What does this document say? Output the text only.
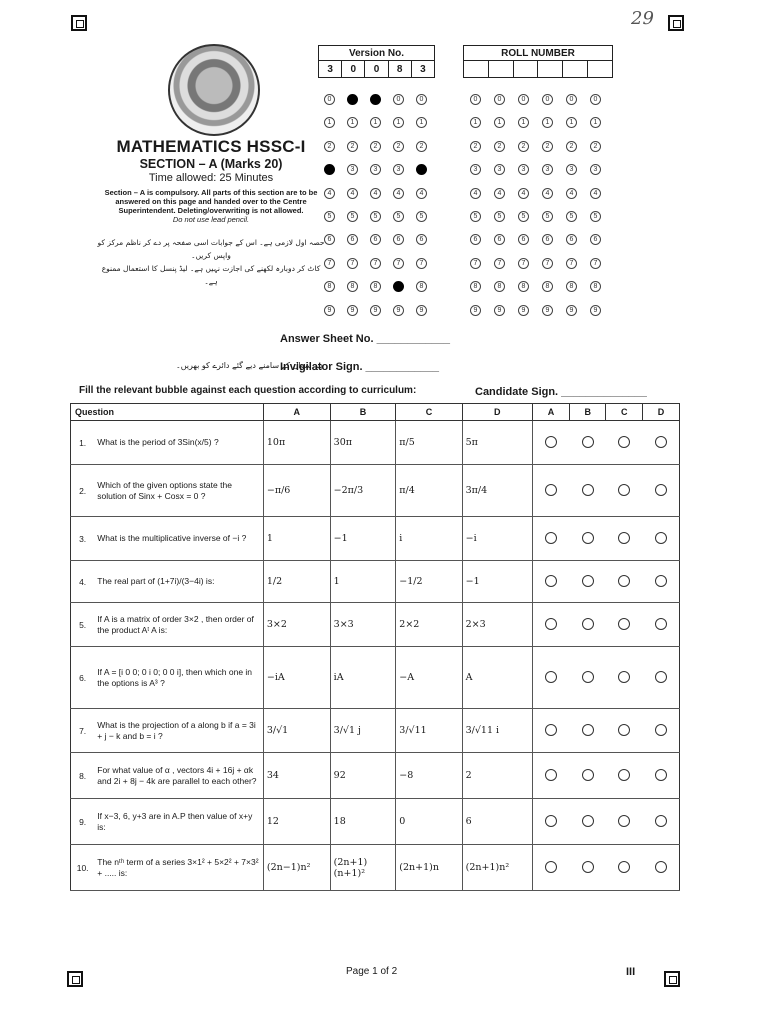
29
MATHEMATICS HSSC-I
SECTION – A (Marks 20)
Time allowed: 25 Minutes
Section – A is compulsory. All parts of this section are to be answered on this page and handed over to the Centre Superintendent. Deleting/overwriting is not allowed.
Do not use lead pencil.
حصہ اول لازمی ہے۔ اس کے جوابات اسی صفحہ پر دے کر ناظم مرکز کو واپس کریں۔
کاٹ کر دوبارہ لکھنے کی اجازت نہیں ہے۔ لیڈ پنسل کا استعمال ممنوع ہے۔
Version No.
3	0	0	8	3
ROLL NUMBER

0	0	0	0	0	0	0	0	0	0	0
1	1	1	1	1	1	1	1	1	1	1
2	2	2	2	2	2	2	2	2	2	2
3	3	3	3	3	3	3	3	3	3	3
4	4	4	4	4	4	4	4	4	4	4
5	5	5	5	5	5	5	5	5	5	5
6	6	6	6	6	6	6	6	6	6	6
7	7	7	7	7	7	7	7	7	7	7
8	8	8	8	8	8	8	8	8	8	8
9	9	9	9	9	9	9	9	9	9	9
Answer Sheet No. ____________
ہر سوال کے سامنے دیے گئے دائرے کو بھریں۔
Invigilator Sign. ____________
Fill the relevant bubble against each question according to curriculum:	Candidate Sign. ______________
Question		A	B	C	D	A	B	C	D
1.	What is the period of 3Sin(x/5) ?	10π	30π	π/5	5π				
2.	Which of the given options state the solution of Sinx + Cosx = 0 ?	−π/6	−2π/3	π/4	3π/4				
3.	What is the multiplicative inverse of −i ?	1	−1	i	−i				
4.	The real part of (1+7i)/(3−4i) is:	1/2	1	−1/2	−1				
5.	If A is a matrix of order 3×2 , then order of the product Aᵗ A is:	3×2	3×3	2×2	2×3				
6.	If A = [i 0 0; 0 i 0; 0 0 i], then which one in the options is A³ ?	−iA	iA	−A	A				
7.	What is the projection of a along b if a = 3i + j − k and b = i ?	3/√1	3/√1 j	3/√11	3/√11 i				
8.	For what value of α , vectors 4i + 16j + αk and 2i + 8j − 4k are parallel to each other?	34	92	−8	2				
9.	If x−3, 6, y+3 are in A.P then value of x+y is:	12	18	0	6				
10.	The nᵗʰ term of a series 3×1² + 5×2² + 7×3² + ..... is:	(2n−1)n²	(2n+1)(n+1)²	(2n+1)n	(2n+1)n²				
Page 1 of 2	III
